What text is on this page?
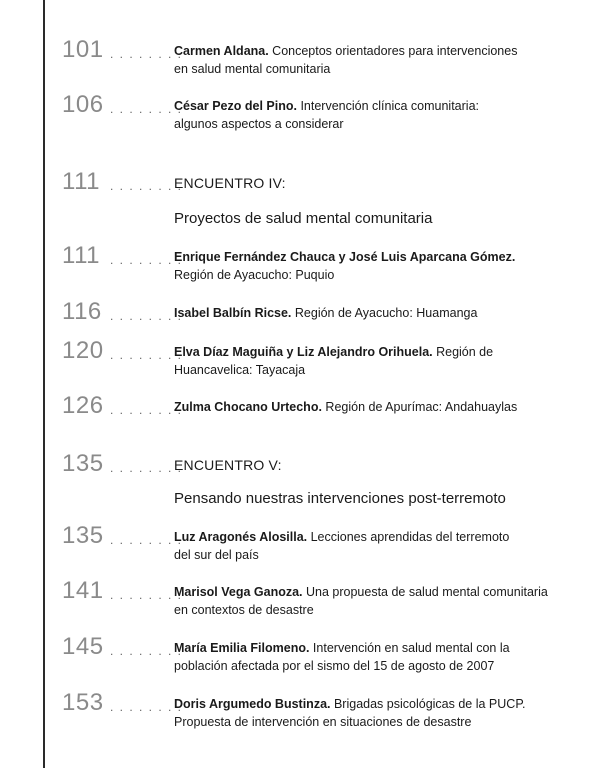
101 . . . . . . . .
Carmen Aldana. Conceptos orientadores para intervenciones
en salud mental comunitaria
106 . . . . . . . .
César Pezo del Pino. Intervención clínica comunitaria:
algunos aspectos a considerar
111 . . . . . . . .
ENCUENTRO IV:
Proyectos de salud mental comunitaria
111 . . . . . . . .
Enrique Fernández Chauca y José Luis Aparcana Gómez.
Región de Ayacucho: Puquio
116 . . . . . . . .
Isabel Balbín Ricse. Región de Ayacucho: Huamanga
120 . . . . . . . .
Elva Díaz Maguiña y Liz Alejandro Orihuela. Región de
Huancavelica: Tayacaja
126 . . . . . . . .
Zulma Chocano Urtecho. Región de Apurímac: Andahuaylas
135 . . . . . . . .
ENCUENTRO V:
Pensando nuestras intervenciones post-terremoto
135 . . . . . . . .
Luz Aragonés Alosilla. Lecciones aprendidas del terremoto
del sur del país
141 . . . . . . . .
Marisol Vega Ganoza. Una propuesta de salud mental comunitaria
en contextos de desastre
145 . . . . . . . .
María Emilia Filomeno. Intervención en salud mental con la
población afectada por el sismo del 15 de agosto de 2007
153 . . . . . . . .
Doris Argumedo Bustinza. Brigadas psicológicas de la PUCP.
Propuesta de intervención en situaciones de desastre
